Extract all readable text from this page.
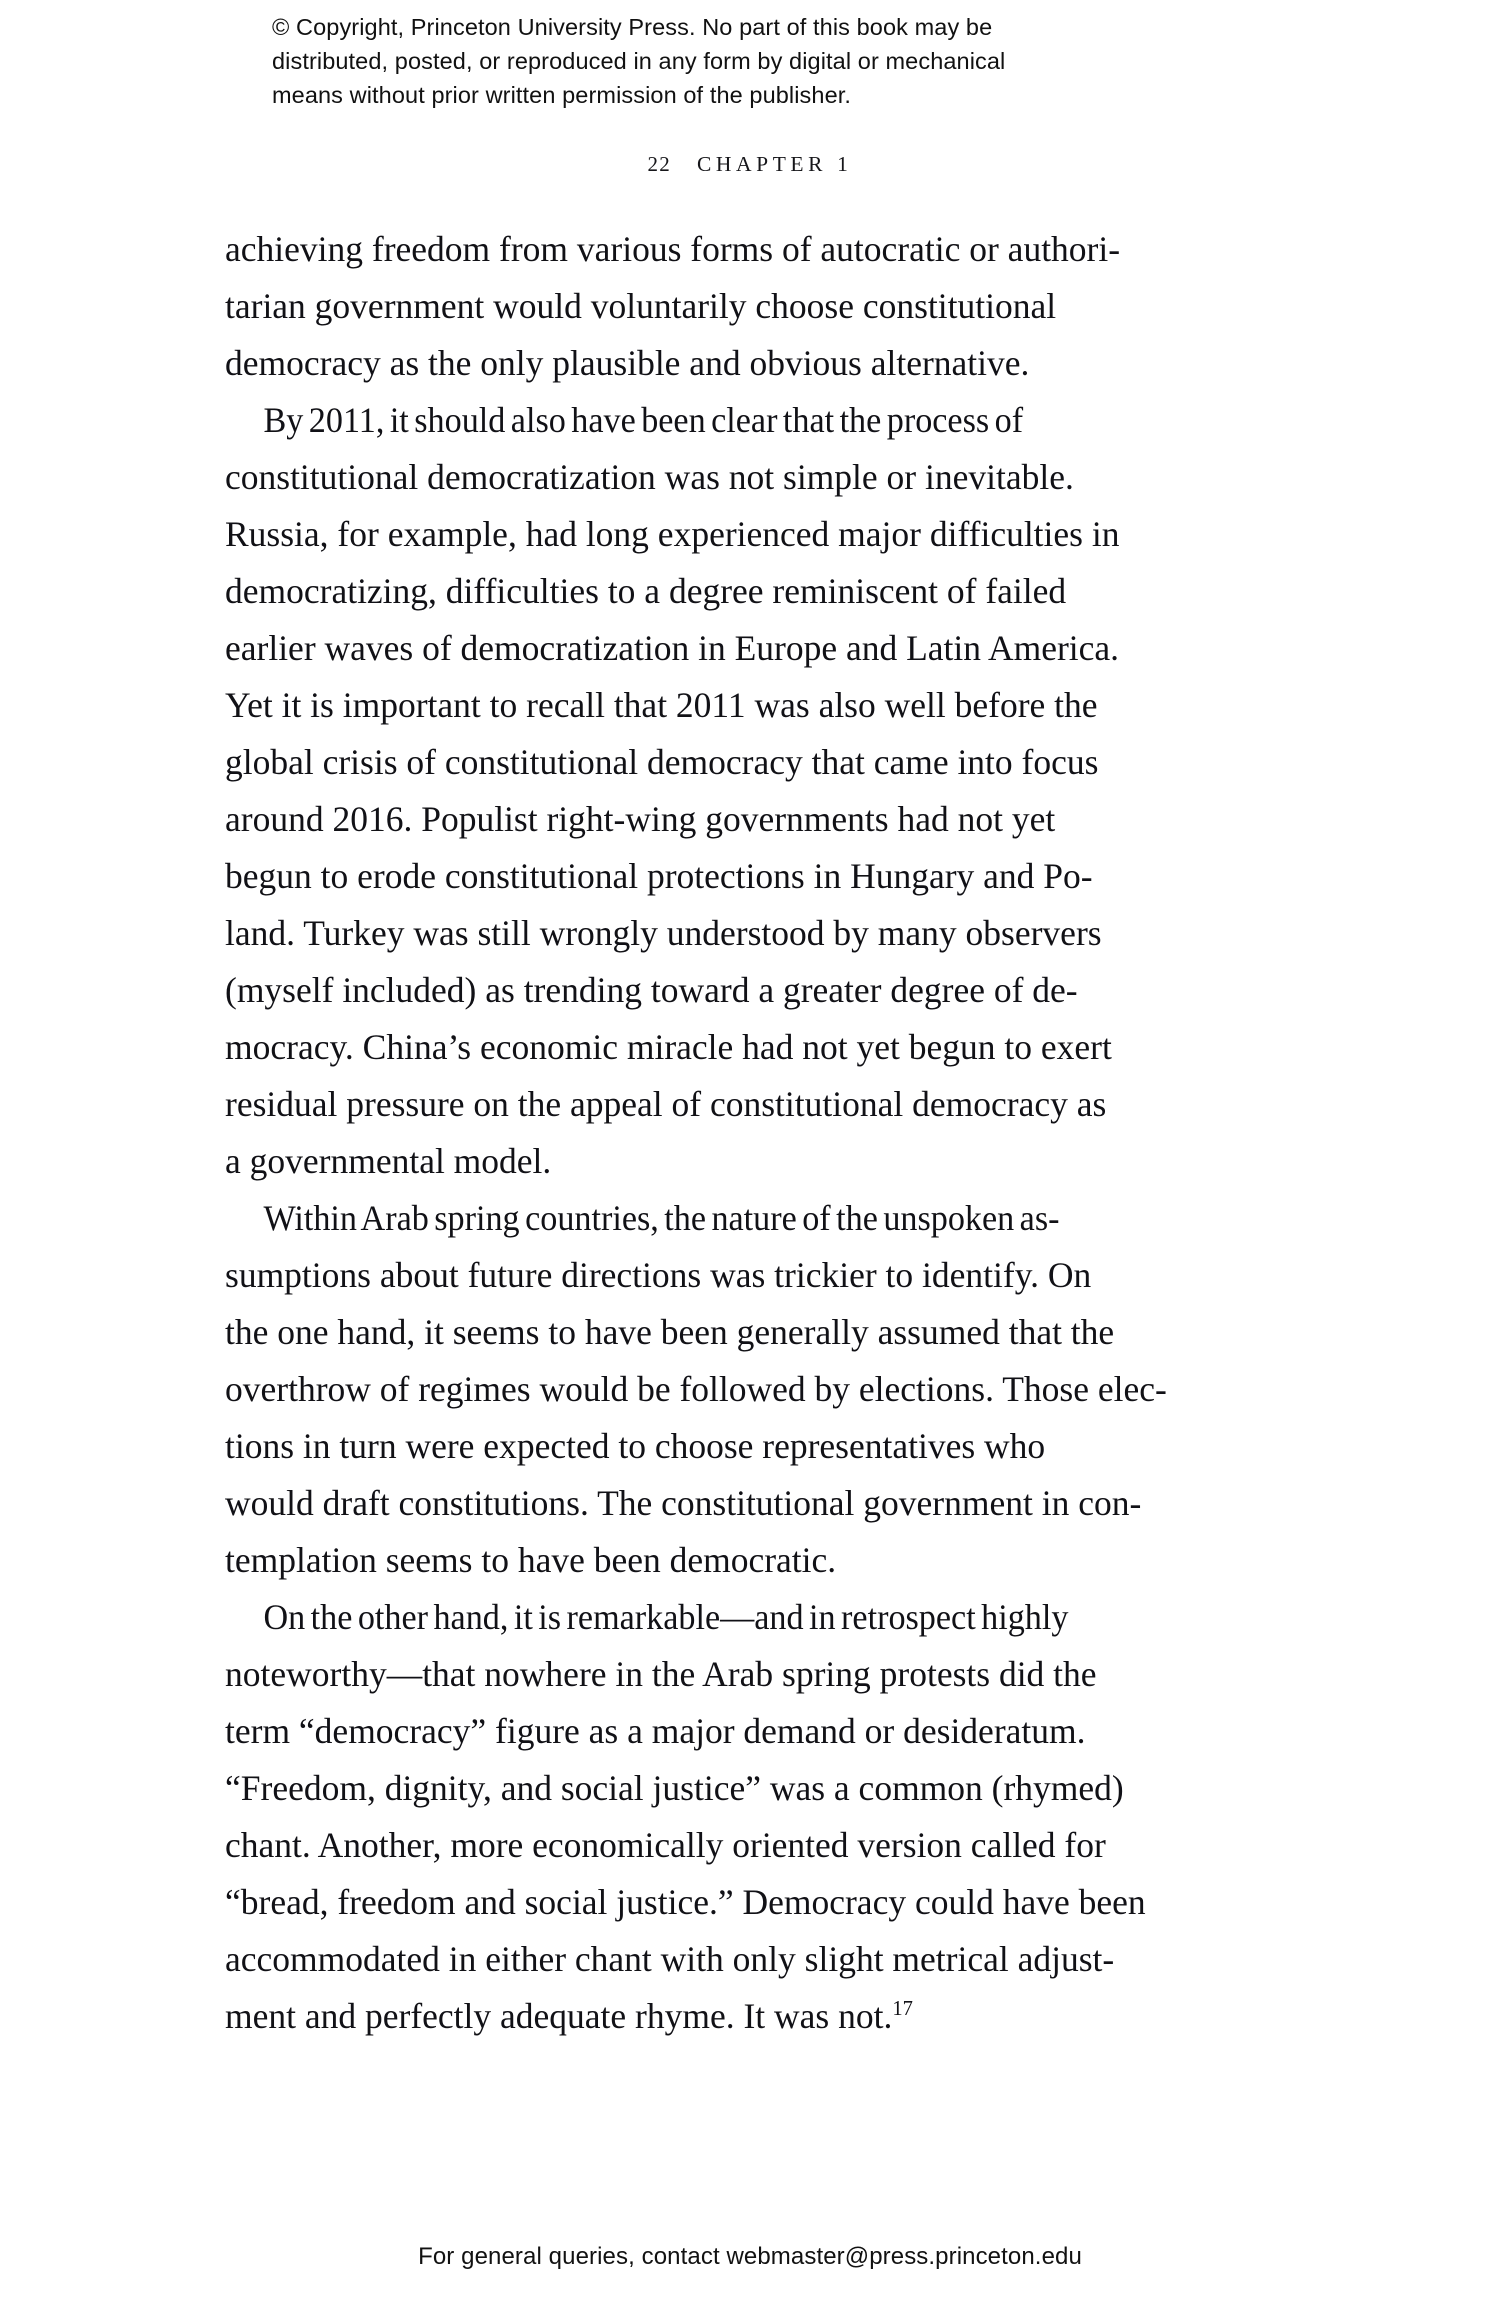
© Copyright, Princeton University Press. No part of this book may be
distributed, posted, or reproduced in any form by digital or mechanical
means without prior written permission of the publisher.
22 CHAPTER 1

achieving freedom from various forms of autocratic or authori-
tarian government would voluntarily choose constitutional
democracy as the only plausible and obvious alternative.

By 2011, it should also have been clear that the process of
constitutional democratization was not simple or inevitable.
Russia, for example, had long experienced major difficulties in
democratizing, difficulties to a degree reminiscent of failed
earlier waves of democratization in Europe and Latin America.
Yet it is important to recall that 2011 was also well before the
global crisis of constitutional democracy that came into focus
around 2016. Populist right-wing governments had not yet
begun to erode constitutional protections in Hungary and Po-
land. Turkey was still wrongly understood by many observers
(myself included) as trending toward a greater degree of de-
mocracy. China’s economic miracle had not yet begun to exert
residual pressure on the appeal of constitutional democracy as
a governmental model.

Within Arab spring countries, the nature of the unspoken as-
sumptions about future directions was trickier to identify. On
the one hand, it seems to have been generally assumed that the
overthrow of regimes would be followed by elections. Those elec-
tions in turn were expected to choose representatives who
would draft constitutions. The constitutional government in con-
templation seems to have been democratic.

On the other hand, it is remarkable—and in retrospect highly
noteworthy—that nowhere in the Arab spring protests did the
term “democracy” figure as a major demand or desideratum.
“Freedom, dignity, and social justice” was a common (rhymed)
chant. Another, more economically oriented version called for
“bread, freedom and social justice.” Democracy could have been
accommodated in either chant with only slight metrical adjust-
ment and perfectly adequate rhyme. It was not.$^{17}$

For general queries, contact webmaster@press.princeton.edu
